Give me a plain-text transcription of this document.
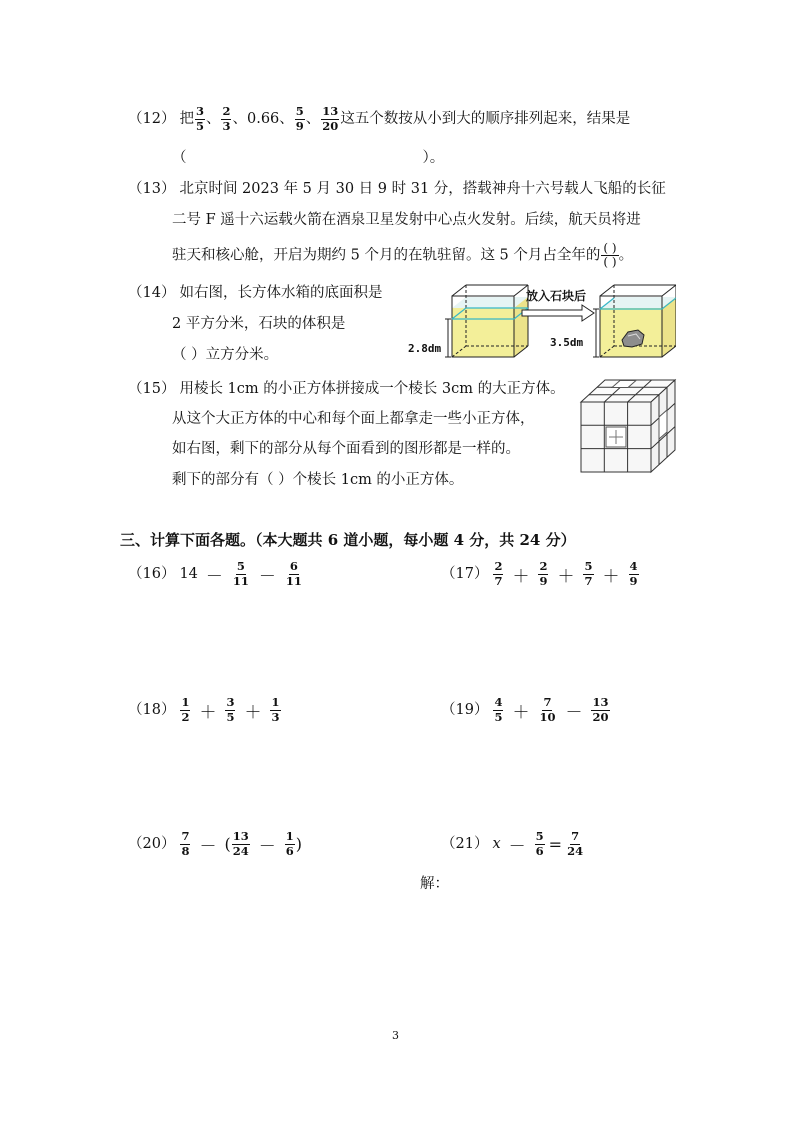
（12） 把 $\frac{3}{5}$ 、 $\frac{2}{3}$ 、0.66、 $\frac{5}{9}$ 、 $\frac{13}{20}$ 这五个数按从小到大的顺序排列起来，结果是
（	）。
（13） 北京时间 2023 年 5 月 30 日 9 时 31 分，搭载神舟十六号载人飞船的长征
二号 F 遥十六运载火箭在酒泉卫星发射中心点火发射。后续，航天员将进
驻天和核心舱，开启为期约 5 个月的在轨驻留。这 5 个月占全年的 ( )
( ) 。
（14） 如右图，长方体水箱的底面积是
2 平方分米，石块的体积是
（ ）立方分米。	2.8dm
放入石块后
3.5dm
（15） 用棱长 1cm 的小正方体拼接成一个棱长 3cm 的大正方体。
从这个大正方体的中心和每个面上都拿走一些小正方体，
如右图，剩下的部分从每个面看到的图形都是一样的。
剩下的部分有（ ）个棱长 1cm 的小正方体。
三、计算下面各题。（本大题共 6 道小题，每小题 4 分，共 24 分）
（16） $14 - \frac{5}{11} - \frac{6}{11}$	$(17) \frac{2}{7} + \frac{2}{9} + \frac{5}{7} + \frac{4}{9}$
$(18) \frac{1}{2} + \frac{3}{5} + \frac{1}{3}$	$(19) \frac{4}{5} + \frac{7}{10} - \frac{13}{20}$
$(20) \frac{7}{8}$ － ( $\frac{13}{24} - \frac{1}{6}$ )	（21） $x - \frac{5}{6} = \frac{7}{24}$
解：
3
